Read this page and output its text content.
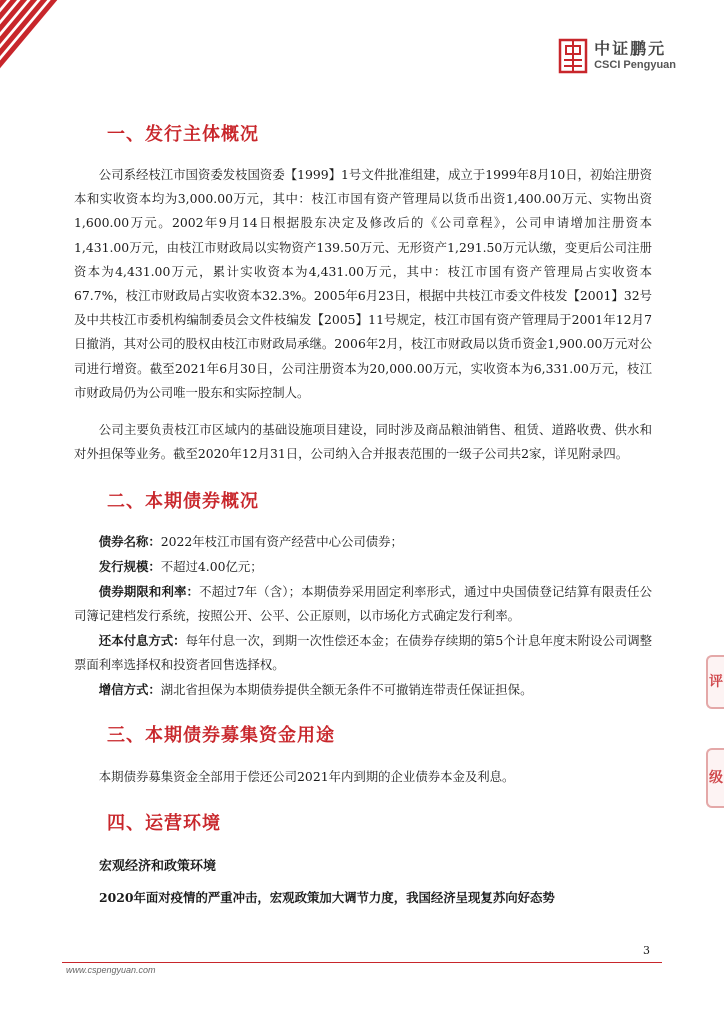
中证鹏元
CSCI Pengyuan
一、发行主体概况

公司系经枝江市国资委发枝国资委【1999】1号文件批准组建，成立于1999年8月10日，初始注册资本和实收资本均为3,000.00万元，其中：枝江市国有资产管理局以货币出资1,400.00万元、实物出资1,600.00万元。2002年9月14日根据股东决定及修改后的《公司章程》，公司申请增加注册资本1,431.00万元，由枝江市财政局以实物资产139.50万元、无形资产1,291.50万元认缴，变更后公司注册资本为4,431.00万元，累计实收资本为4,431.00万元，其中：枝江市国有资产管理局占实收资本67.7%，枝江市财政局占实收资本32.3%。2005年6月23日，根据中共枝江市委文件枝发【2001】32号及中共枝江市委机构编制委员会文件枝编发【2005】11号规定，枝江市国有资产管理局于2001年12月7日撤消，其对公司的股权由枝江市财政局承继。2006年2月，枝江市财政局以货币资金1,900.00万元对公司进行增资。截至2021年6月30日，公司注册资本为20,000.00万元，实收资本为6,331.00万元，枝江市财政局仍为公司唯一股东和实际控制人。

公司主要负责枝江市区域内的基础设施项目建设，同时涉及商品粮油销售、租赁、道路收费、供水和对外担保等业务。截至2020年12月31日，公司纳入合并报表范围的一级子公司共2家，详见附录四。

二、本期债券概况

债券名称：2022年枝江市国有资产经营中心公司债券；

发行规模：不超过4.00亿元；

债券期限和利率：不超过7年（含）；本期债券采用固定利率形式，通过中央国债登记结算有限责任公司簿记建档发行系统，按照公开、公平、公正原则，以市场化方式确定发行利率。

还本付息方式：每年付息一次，到期一次性偿还本金；在债券存续期的第5个计息年度末附设公司调整票面利率选择权和投资者回售选择权。

增信方式：湖北省担保为本期债券提供全额无条件不可撤销连带责任保证担保。

三、本期债券募集资金用途

本期债券募集资金全部用于偿还公司2021年内到期的企业债券本金及利息。

四、运营环境
宏观经济和政策环境
2020年面对疫情的严重冲击，宏观政策加大调节力度，我国经济呈现复苏向好态势
评
级
3
www.cspengyuan.com
